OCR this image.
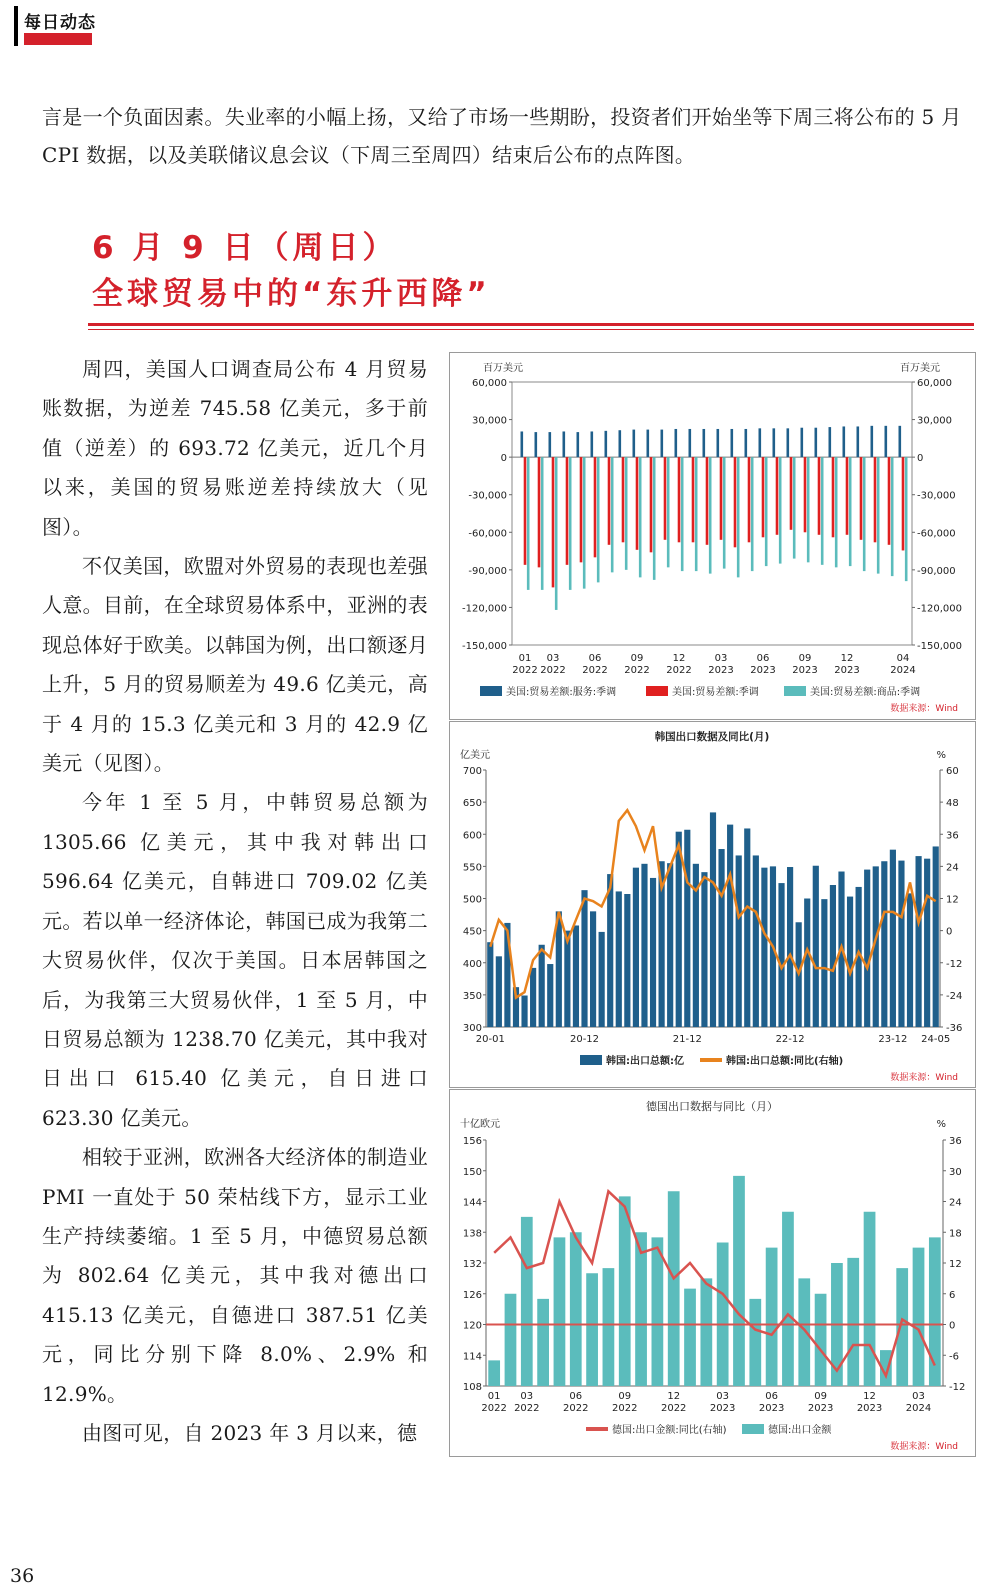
每日动态

言是一个负面因素。失业率的小幅上扬，又给了市场一些期盼，投资者们开始坐等下周三将公布的 5 月 CPI 数据，以及美联储议息会议（下周三至周四）结束后公布的点阵图。

6 月 9 日（周日）
全球贸易中的“东升西降”

周四，美国人口调查局公布 4 月贸易账数据，为逆差 745.58 亿美元，多于前值（逆差）的 693.72 亿美元，近几个月以来，美国的贸易账逆差持续放大（见图）。

不仅美国，欧盟对外贸易的表现也差强人意。目前，在全球贸易体系中，亚洲的表现总体好于欧美。以韩国为例，出口额逐月上升，5 月的贸易顺差为 49.6 亿美元，高于 4 月的 15.3 亿美元和 3 月的 42.9 亿美元（见图）。

今年 1 至 5 月，中韩贸易总额为 1305.66 亿美元，其中我对韩出口 596.64 亿美元，自韩进口 709.02 亿美元。若以单一经济体论，韩国已成为我第二大贸易伙伴，仅次于美国。日本居韩国之后，为我第三大贸易伙伴，1 至 5 月，中日贸易总额为 1238.70 亿美元，其中我对日出口 615.40 亿美元，自日进口 623.30 亿美元。

相较于亚洲，欧洲各大经济体的制造业 PMI 一直处于 50 荣枯线下方，显示工业生产持续萎缩。1 至 5 月，中德贸易总额为 802.64 亿美元，其中我对德出口 415.13 亿美元，自德进口 387.51 亿美元，同比分别下降 8.0%、2.9% 和 12.9%。

由图可见，自 2023 年 3 月以来，德

60,000	60,000
30,000	30,000
0	0
-30,000	-30,000
-60,000	-60,000
-90,000	-90,000
-120,000	-120,000
-150,000	-150,000
百万美元	百万美元
01
2022
03
2022
06
2022
09
2022
12
2022
03
2023
06
2023
09
2023
12
2023
04
2024
美国:贸易差额:服务:季调	美国:贸易差额:季调	美国:贸易差额:商品:季调
数据来源：Wind
韩国出口数据及同比(月)
亿美元	%
700
650
600
550
500
450
400
350
300
60
48
36
24
12
0
-12
-24
-36
20-01	20-12	21-12	22-12	23-12 24-05
韩国:出口总额:亿	韩国:出口总额:同比(右轴)
数据来源：Wind
德国出口数据与同比（月）
十亿欧元	%
156
150
144
138
132
126
120
114
108
36
30
24
18
12
6
0
-6
-12
01
2022
03
2022
06
2022
09
2022
12
2022
03
2023
06
2023
09
2023
12
2023
03
2024
德国:出口金额:同比(右轴)	德国:出口金额
数据来源：Wind
36
